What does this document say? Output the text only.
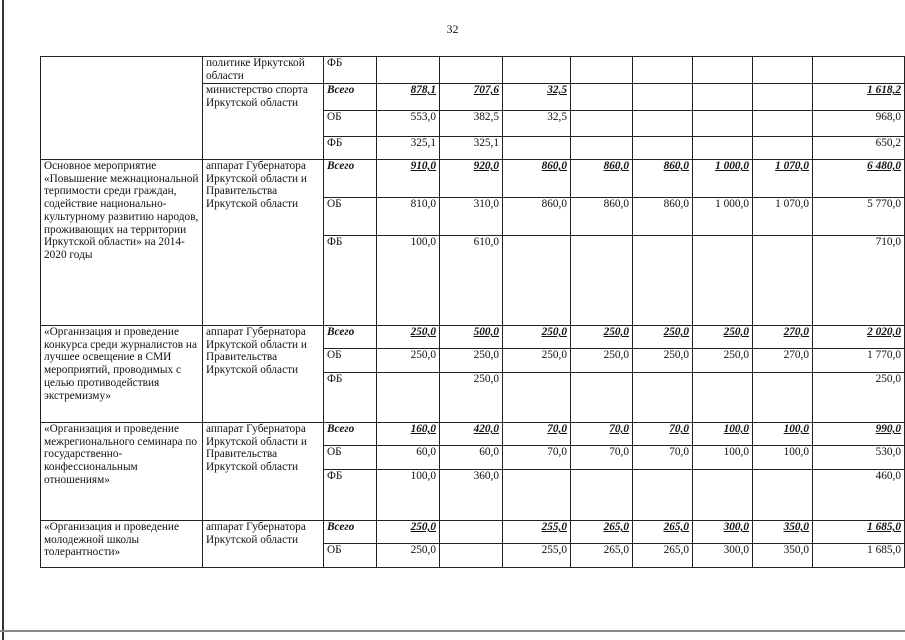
32
	политике Иркутской области	ФБ								
	министерство спорта Иркутской области	Всего	878,1	707,6	32,5					1 618,2
		ОБ	553,0	382,5	32,5					968,0
		ФБ	325,1	325,1						650,2
Основное мероприятие «Повышение межнациональной терпимости среди граждан, содействие национально-культурному развитию народов, проживающих на территории Иркутской области» на 2014-2020 годы	аппарат Губернатора Иркутской области и Правительства Иркутской области	Всего	910,0	920,0	860,0	860,0	860,0	1 000,0	1 070,0	6 480,0
		ОБ	810,0	310,0	860,0	860,0	860,0	1 000,0	1 070,0	5 770,0
		ФБ	100,0	610,0						710,0
«Организация и проведение конкурса среди журналистов на лучшее освещение в СМИ мероприятий, проводимых с целью противодействия экстремизму»	аппарат Губернатора Иркутской области и Правительства Иркутской области	Всего	250,0	500,0	250,0	250,0	250,0	250,0	270,0	2 020,0
		ОБ	250,0	250,0	250,0	250,0	250,0	250,0	270,0	1 770,0
		ФБ		250,0						250,0
«Организация и проведение межрегионального семинара по государственно-конфессиональным отношениям»	аппарат Губернатора Иркутской области и Правительства Иркутской области	Всего	160,0	420,0	70,0	70,0	70,0	100,0	100,0	990,0
		ОБ	60,0	60,0	70,0	70,0	70,0	100,0	100,0	530,0
		ФБ	100,0	360,0						460,0
«Организация и проведение молодежной школы толерантности»	аппарат Губернатора Иркутской области	Всего	250,0		255,0	265,0	265,0	300,0	350,0	1 685,0
		ОБ	250,0		255,0	265,0	265,0	300,0	350,0	1 685,0
